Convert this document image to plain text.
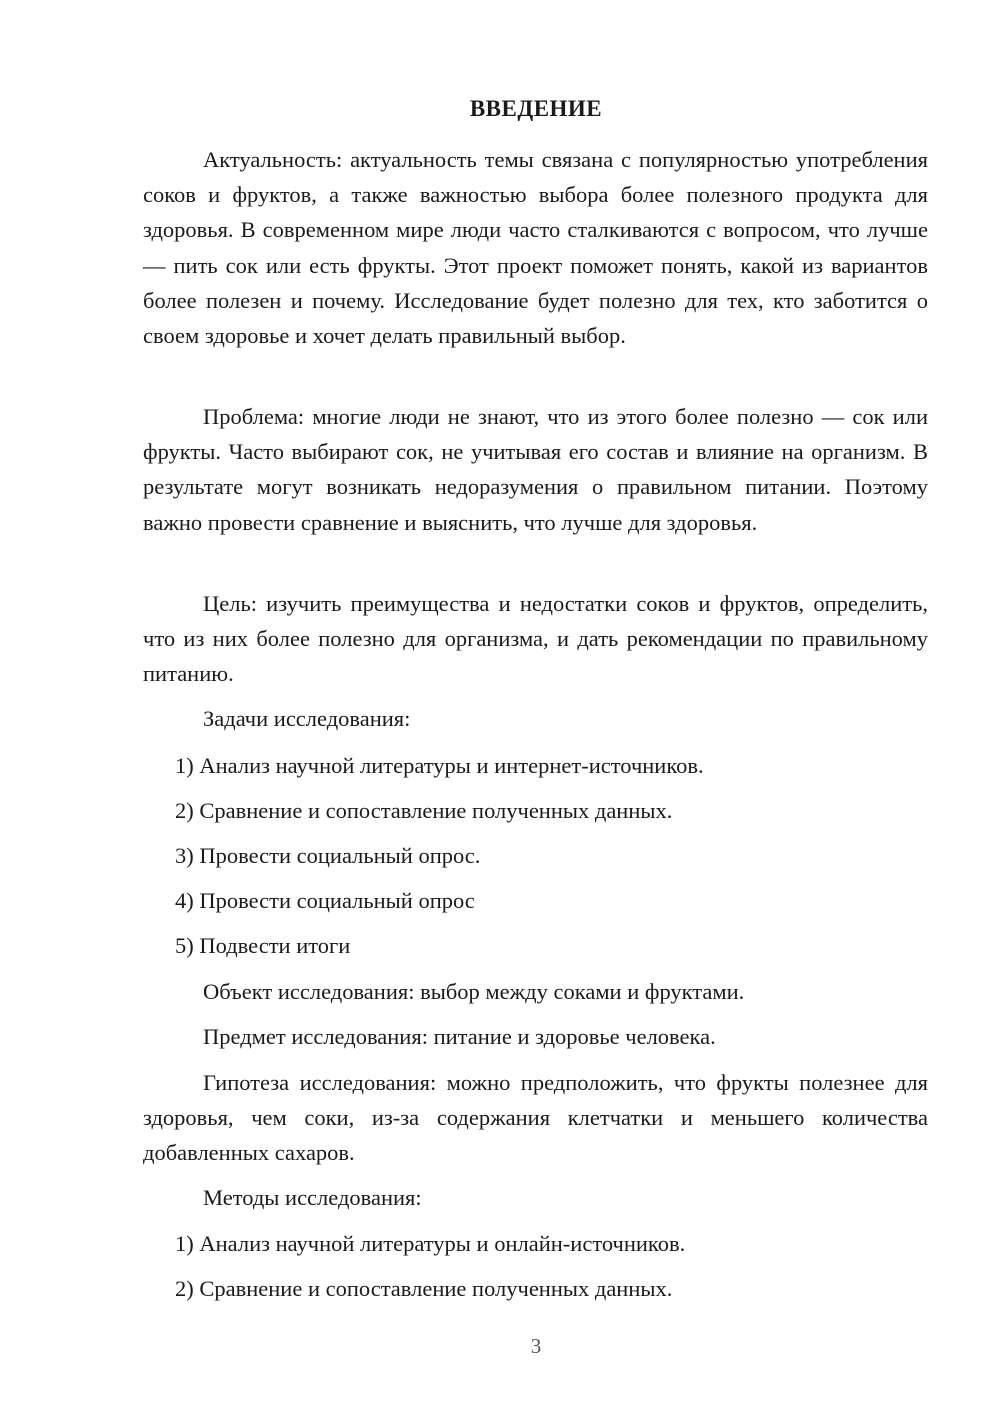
ВВЕДЕНИЕ

Актуальность: актуальность темы связана с популярностью употребления соков и фруктов, а также важностью выбора более полезного продукта для здоровья. В современном мире люди часто сталкиваются с вопросом, что лучше — пить сок или есть фрукты. Этот проект поможет понять, какой из вариантов более полезен и почему. Исследование будет полезно для тех, кто заботится о своем здоровье и хочет делать правильный выбор.

Проблема: многие люди не знают, что из этого более полезно — сок или фрукты. Часто выбирают сок, не учитывая его состав и влияние на организм. В результате могут возникать недоразумения о правильном питании. Поэтому важно провести сравнение и выяснить, что лучше для здоровья.

Цель: изучить преимущества и недостатки соков и фруктов, определить, что из них более полезно для организма, и дать рекомендации по правильному питанию.

Задачи исследования:

1) Анализ научной литературы и интернет-источников.

2) Сравнение и сопоставление полученных данных.

3) Провести социальный опрос.

4) Провести социальный опрос

5) Подвести итоги

Объект исследования: выбор между соками и фруктами.

Предмет исследования: питание и здоровье человека.

Гипотеза исследования: можно предположить, что фрукты полезнее для здоровья, чем соки, из-за содержания клетчатки и меньшего количества добавленных сахаров.

Методы исследования:

1) Анализ научной литературы и онлайн-источников.

2) Сравнение и сопоставление полученных данных.

3
